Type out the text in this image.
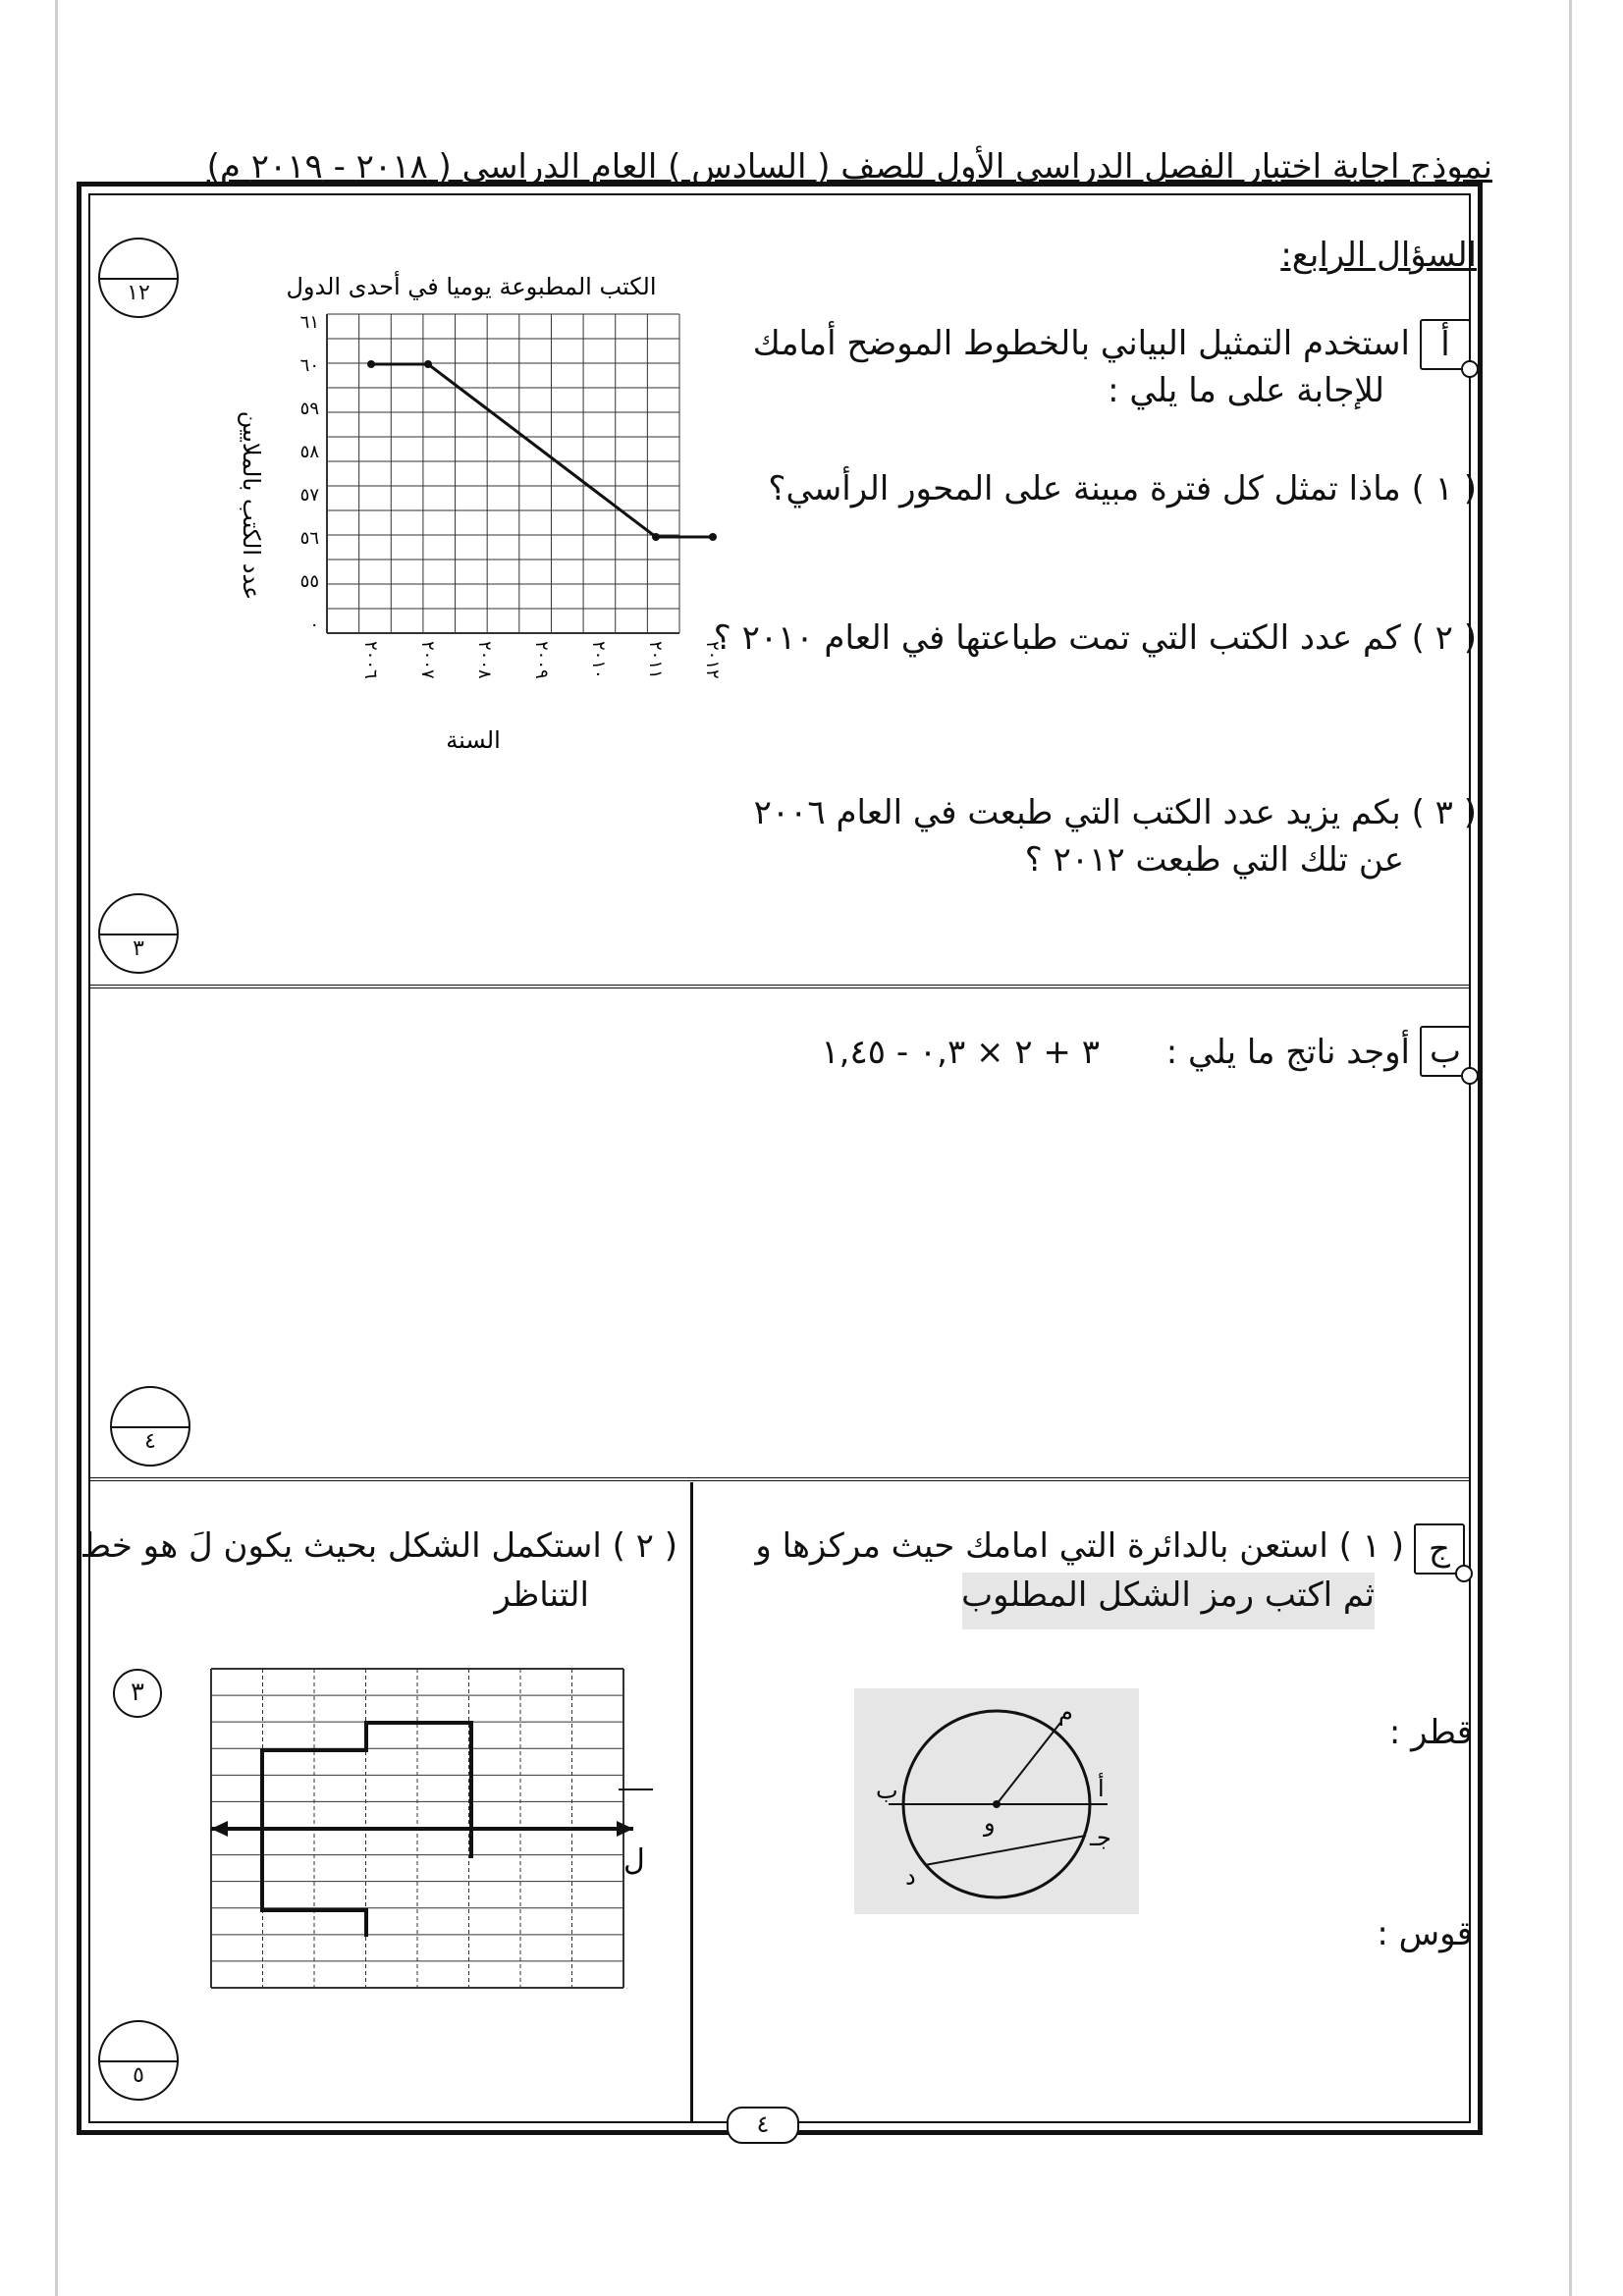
نموذج اجابة اختبار الفصل الدراسي الأول للصف ( السادس ) العام الدراسي ( ٢٠١٨ - ٢٠١٩ م)
السؤال الرابع:
أ
استخدم التمثيل البياني بالخطوط الموضح أمامك
للإجابة على ما يلي :
( ١ ) ماذا تمثل كل فترة مبينة على المحور الرأسي؟
( ٢ ) كم عدد الكتب التي تمت طباعتها في العام ٢٠١٠ ؟
( ٣ ) بكم يزيد عدد الكتب التي طبعت في العام ٢٠٠٦
عن تلك التي طبعت ٢٠١٢ ؟
١٢
٣
الكتب المطبوعة يوميا في أحدى الدول
٠
٥٥
٥٦
٥٧
٥٨
٥٩
٦٠
٦١
٢٠٠٦ ٢٠٠٧ ٢٠٠٨ ٢٠٠٩ ٢٠١٠ ٢٠١١ ٢٠١٢
السنة
عدد الكتب بالملايين
ب
أوجد ناتج ما يلي :
٣ + ٢ × ٠,٣ - ١,٤٥
٤
ج
( ١ ) استعن بالدائرة التي امامك حيث مركزها و
ثم اكتب رمز الشكل المطلوب
قطر :
قوس :
م
ب	أ
و
جـ
د
( ٢ ) استكمل الشكل بحيث يكون لَ هو خط
التناظر
٣
ل
٥
٤
